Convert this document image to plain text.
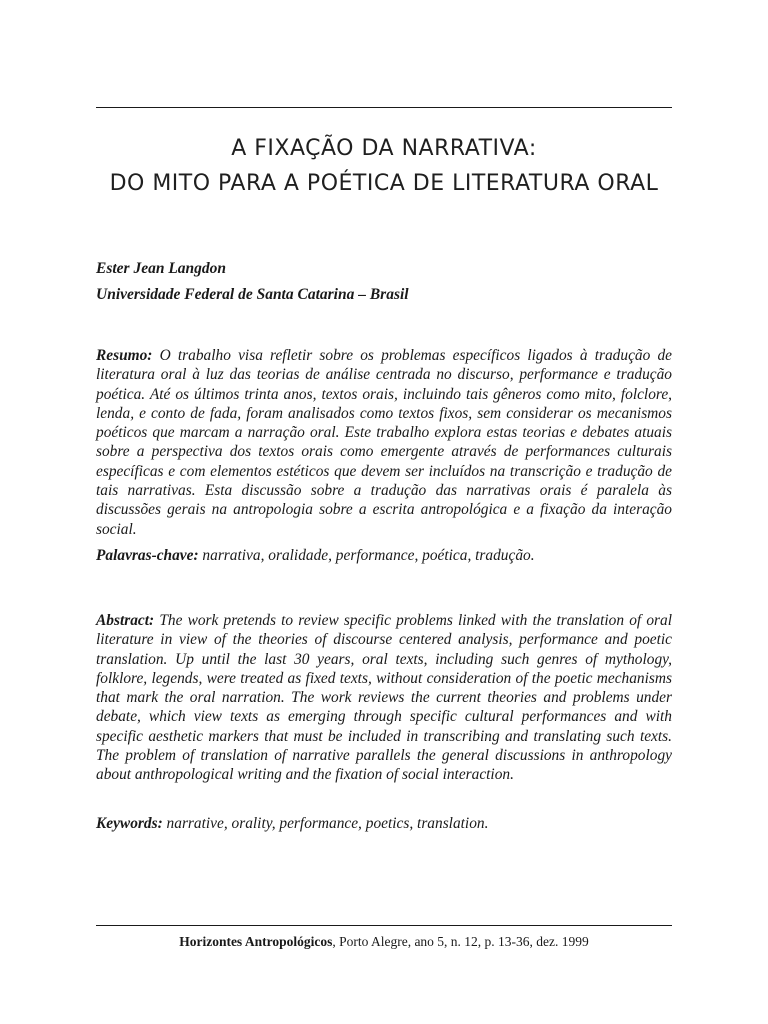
A FIXAÇÃO DA NARRATIVA:
DO MITO PARA A POÉTICA DE LITERATURA ORAL
Ester Jean Langdon
Universidade Federal de Santa Catarina – Brasil
Resumo: O trabalho visa refletir sobre os problemas específicos ligados à tradução de literatura oral à luz das teorias de análise centrada no discurso, performance e tradução poética. Até os últimos trinta anos, textos orais, incluindo tais gêneros como mito, folclore, lenda, e conto de fada, foram analisados como textos fixos, sem considerar os mecanismos poéticos que marcam a narração oral. Este trabalho explora estas teorias e debates atuais sobre a perspectiva dos textos orais como emergente através de performances culturais específicas e com elementos estéticos que devem ser incluídos na transcrição e tradução de tais narrativas. Esta discussão sobre a tradução das narrativas orais é paralela às discussões gerais na antropologia sobre a escrita antropológica e a fixação da interação social.
Palavras-chave: narrativa, oralidade, performance, poética, tradução.
Abstract: The work pretends to review specific problems linked with the translation of oral literature in view of the theories of discourse centered analysis, performance and poetic translation. Up until the last 30 years, oral texts, including such genres of mythology, folklore, legends, were treated as fixed texts, without consideration of the poetic mechanisms that mark the oral narration. The work reviews the current theories and problems under debate, which view texts as emerging through specific cultural performances and with specific aesthetic markers that must be included in transcribing and translating such texts. The problem of translation of narrative parallels the general discussions in anthropology about anthropological writing and the fixation of social interaction.
Keywords: narrative, orality, performance, poetics, translation.
Horizontes Antropológicos, Porto Alegre, ano 5, n. 12, p. 13-36, dez. 1999
